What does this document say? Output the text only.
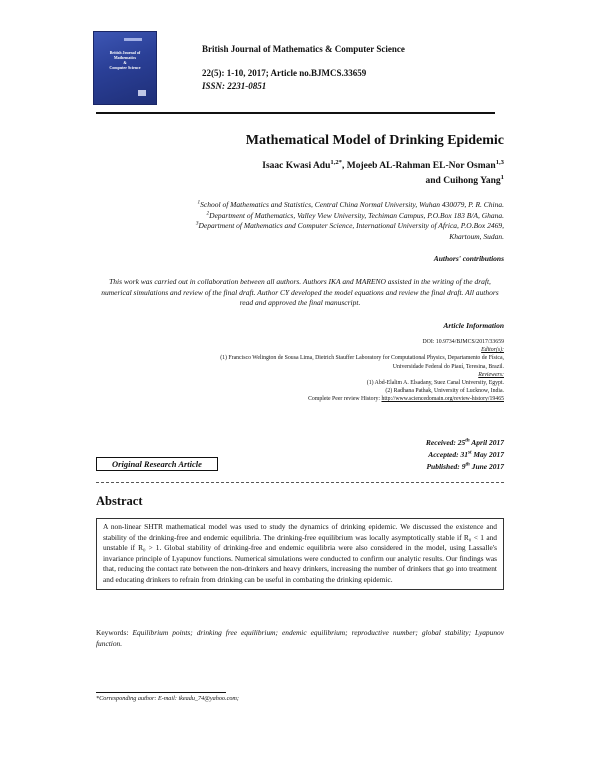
British Journal of
Mathematics
&
Computer Science
British Journal of Mathematics & Computer Science
22(5): 1-10, 2017; Article no.BJMCS.33659
ISSN: 2231-0851
Mathematical Model of Drinking Epidemic
Isaac Kwasi Adu$^{1,2*}$, Mojeeb AL-Rahman EL-Nor Osman$^{1,3}$
and Cuihong Yang$^1$
$^1$School of Mathematics and Statistics, Central China Normal University, Wuhan 430079, P. R. China.
$^2$Department of Mathematics, Valley View University, Techiman Campus, P.O.Box 183 B/A, Ghana.
$^3$Department of Mathematics and Computer Science, International University of Africa, P.O.Box 2469,
Khartoum, Sudan.
Authors' contributions
This work was carried out in collaboration between all authors. Authors IKA and MARENO assisted in the writing of the draft, numerical simulations and review of the final draft. Author CY developed the model equations and review the final draft. All authors read and approved the final manuscript.
Article Information
DOI: 10.9734/BJMCS/2017/33659
Editor(s):
(1) Francisco Welington de Sousa Lima, Dietrich Stauffer Laboratory for Computational Physics, Departamento de Física,
Universidade Federal do Piauí, Teresina, Brazil.
Reviewers:
(1) Abd-Elalim A. Elsadany, Suez Canal University, Egypt.
(2) Radhana Pathak, University of Lucknow, India.
Complete Peer review History: http://www.sciencedomain.org/review-history/19465
Received: 25th April 2017
Accepted: 31st May 2017
Published: 9th June 2017
Original Research Article
Abstract
A non-linear SHTR mathematical model was used to study the dynamics of drinking epidemic. We discussed the existence and stability of the drinking-free and endemic equilibria. The drinking-free equilibrium was locally asymptotically stable if R₀ < 1 and unstable if R₀ > 1. Global stability of drinking-free and endemic equilibria were also considered in the model, using Lassalle's invariance principle of Lyapunov functions. Numerical simulations were conducted to confirm our analytic results. Our findings was that, reducing the contact rate between the non-drinkers and heavy drinkers, increasing the number of drinkers that go into treatment and educating drinkers to refrain from drinking can be useful in combating the drinking epidemic.
Keywords: Equilibrium points; drinking free equilibrium; endemic equilibrium; reproductive number; global stability; Lyapunov function.
*Corresponding author: E-mail: ikeadu_74@yahoo.com;
